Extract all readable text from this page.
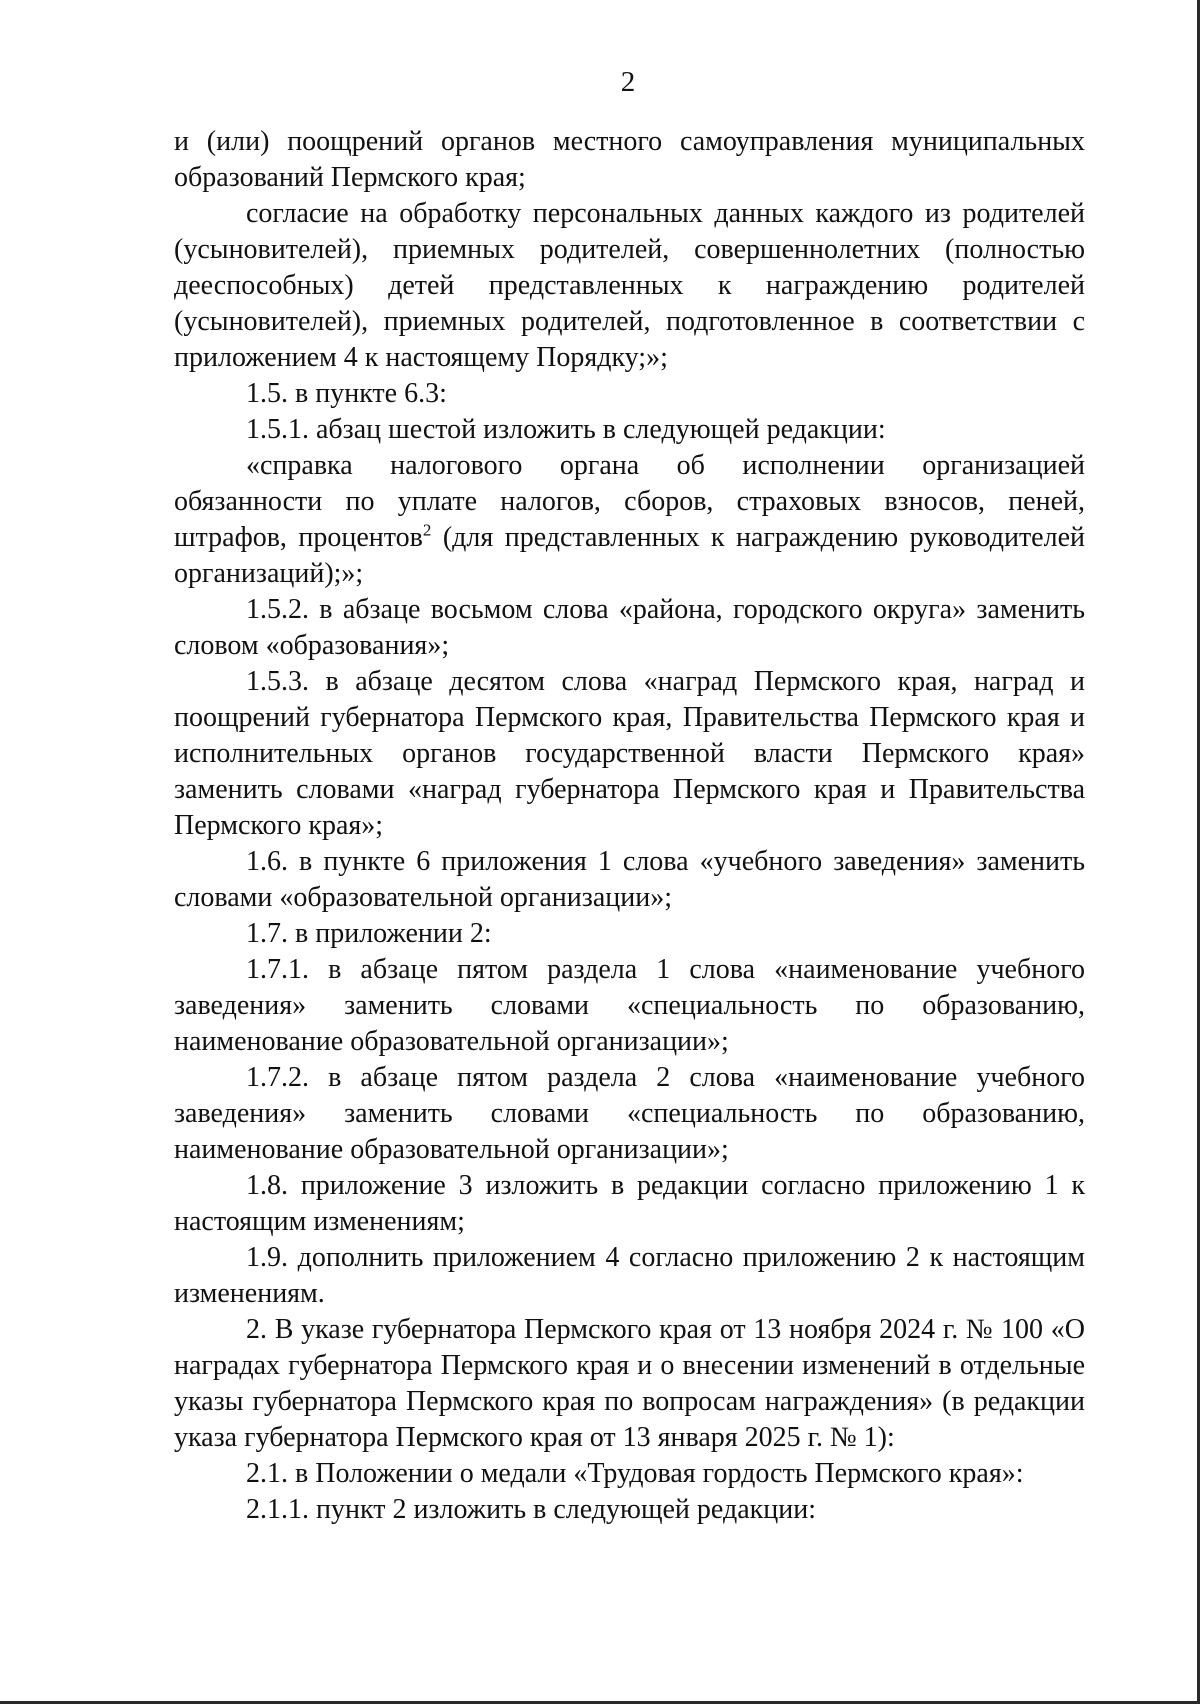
2

и (или) поощрений органов местного самоуправления муниципальных образований Пермского края;

согласие на обработку персональных данных каждого из родителей (усыновителей), приемных родителей, совершеннолетних (полностью дееспособных) детей представленных к награждению родителей (усыновителей), приемных родителей, подготовленное в соответствии с приложением 4 к настоящему Порядку;»;

1.5. в пункте 6.3:

1.5.1. абзац шестой изложить в следующей редакции:

«справка налогового органа об исполнении организацией обязанности по уплате налогов, сборов, страховых взносов, пеней, штрафов, процентов$^2$ (для представленных к награждению руководителей организаций);»;

1.5.2. в абзаце восьмом слова «района, городского округа» заменить словом «образования»;

1.5.3. в абзаце десятом слова «наград Пермского края, наград и поощрений губернатора Пермского края, Правительства Пермского края и исполнительных органов государственной власти Пермского края» заменить словами «наград губернатора Пермского края и Правительства Пермского края»;

1.6. в пункте 6 приложения 1 слова «учебного заведения» заменить словами «образовательной организации»;

1.7. в приложении 2:

1.7.1. в абзаце пятом раздела 1 слова «наименование учебного заведения» заменить словами «специальность по образованию, наименование образовательной организации»;

1.7.2. в абзаце пятом раздела 2 слова «наименование учебного заведения» заменить словами «специальность по образованию, наименование образовательной организации»;

1.8. приложение 3 изложить в редакции согласно приложению 1 к настоящим изменениям;

1.9. дополнить приложением 4 согласно приложению 2 к настоящим изменениям.

2. В указе губернатора Пермского края от 13 ноября 2024 г. № 100 «О наградах губернатора Пермского края и о внесении изменений в отдельные указы губернатора Пермского края по вопросам награждения» (в редакции указа губернатора Пермского края от 13 января 2025 г. № 1):

2.1. в Положении о медали «Трудовая гордость Пермского края»:

2.1.1. пункт 2 изложить в следующей редакции:
